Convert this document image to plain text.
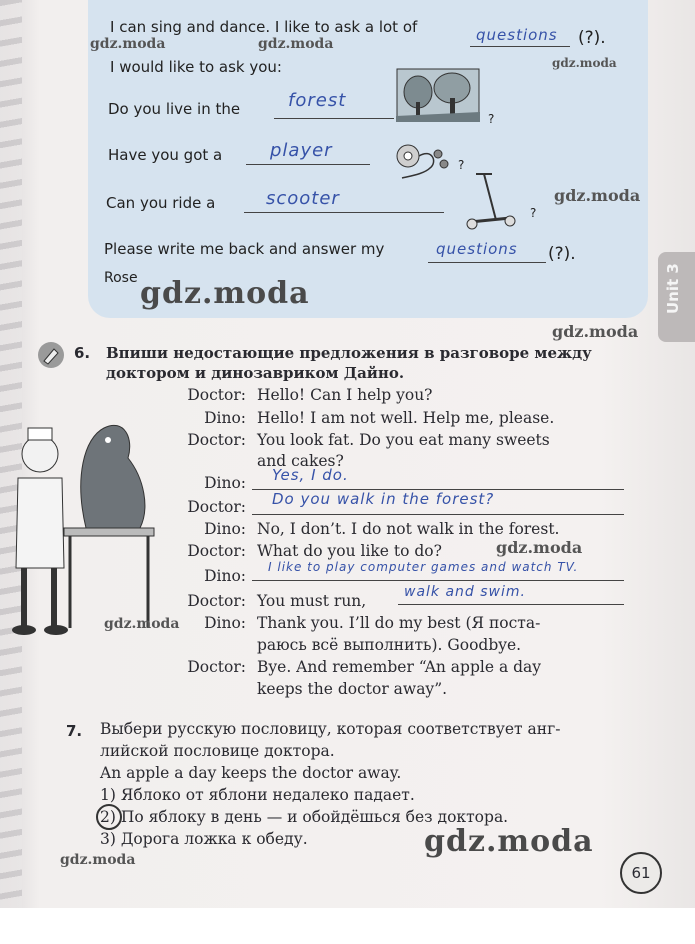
I can sing and dance. I like to ask a lot of	questions (?).
I would like to ask you:
Do you live in the	forest
?
Have you got a	player
?
Can you ride a	scooter
?
Please write me back and answer my	questions (?).
Rose	Unit 3
6. Впиши недостающие предложения в разговоре между
доктором и динозавриком Дайно.
Doctor: Hello! Can I help you?
Dino: Hello! I am not well. Help me, please.
Doctor: You look fat. Do you eat many sweets
and cakes?
Dino: Yes, I do.
Doctor: Do you walk in the forest?
Dino: No, I don’t. I do not walk in the forest.
Doctor: What do you like to do?
Dino: I like to play computer games and watch TV.
Doctor: You must run,	walk and swim.
Dino: Thank you. I’ll do my best (Я поста-
раюсь всё выполнить). Goodbye.
Doctor: Bye. And remember “An apple a day
keeps the doctor away”.
7. Выбери русскую пословицу, которая соответствует анг-
лийской пословице доктора.
An apple a day keeps the doctor away.
1) Яблоко от яблони недалеко падает.
2) По яблоку в день — и обойдёшься без доктора.
3) Дорога ложка к обеду.
61
gdz.moda	gdz.moda
gdz.moda
gdz.moda
gdz.moda
gdz.moda
gdz.moda
gdz.moda
gdz.moda
gdz.moda
